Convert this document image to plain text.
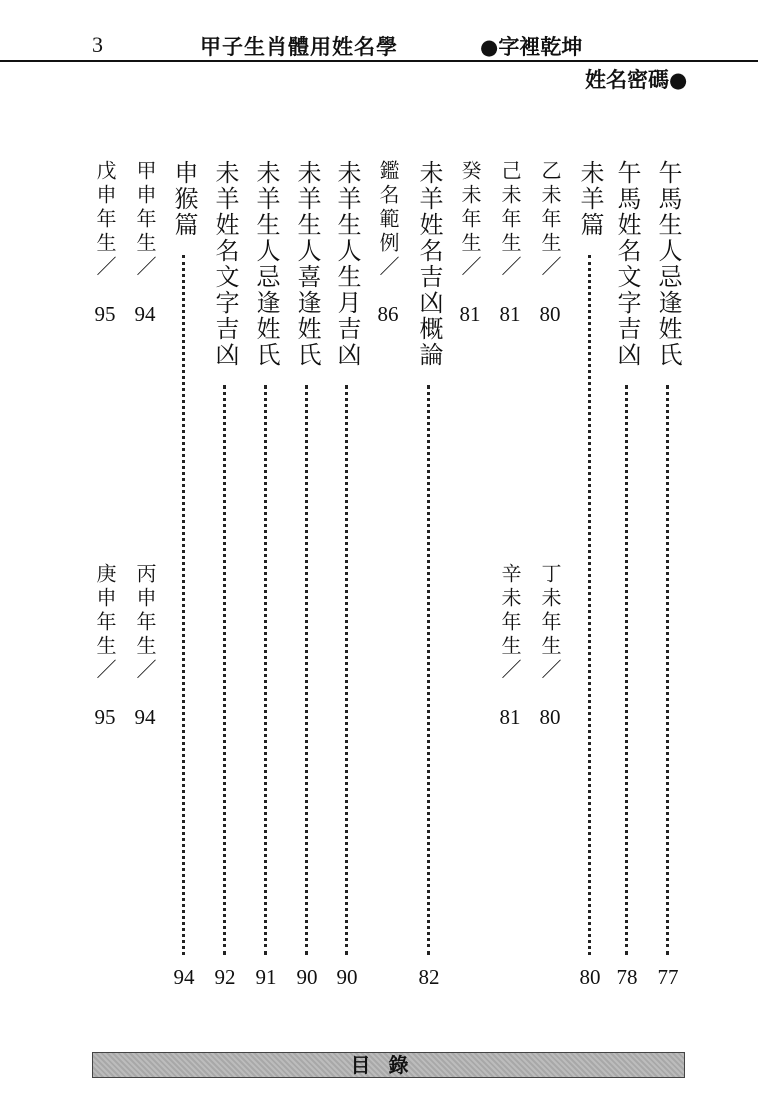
3	甲子生肖體用姓名學	●字裡乾坤
姓名密碼●
午馬生人忌逢姓氏
77
午馬姓名文字吉凶
78
未羊篇
80
乙未年生／
80
丁未年生／
80
己未年生／
81
辛未年生／
81
癸未年生／
81
未羊姓名吉凶概論
82
鑑名範例／
86
未羊生人生月吉凶
90
未羊生人喜逢姓氏
90
未羊生人忌逢姓氏
91
未羊姓名文字吉凶
92
申猴篇
94
甲申年生／
94
丙申年生／
94
戊申年生／
95
庚申年生／
95
目錄
